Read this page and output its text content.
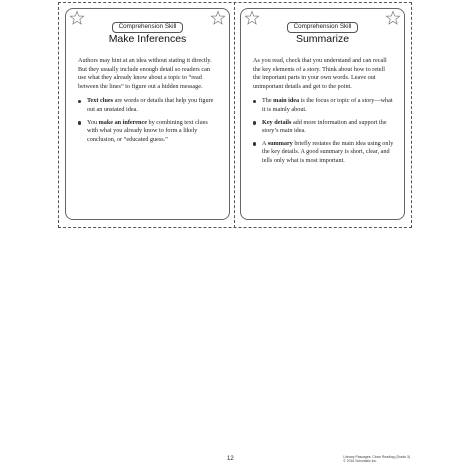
Comprehension Skill
Make Inferences

Authors may hint at an idea without stating it directly. But they usually include enough detail so readers can use what they already know about a topic to “read between the lines” to figure out a hidden message.

Text clues are words or details that help you figure out an unstated idea.
You make an inference by combining text clues with what you already know to form a likely conclusion, or “educated guess.”
Comprehension Skill
Summarize

As you read, check that you understand and can recall the key elements of a story. Think about how to retell the important parts in your own words. Leave out unimportant details and get to the point.

The main idea is the focus or topic of a story—what it is mainly about.
Key details add more information and support the story’s main idea.
A summary briefly restates the main idea using only the key details. A good summary is short, clear, and tells only what is most important.
12	Literary Passages: Close Reading (Grade 3)
© 2016 Scholastic Inc.
